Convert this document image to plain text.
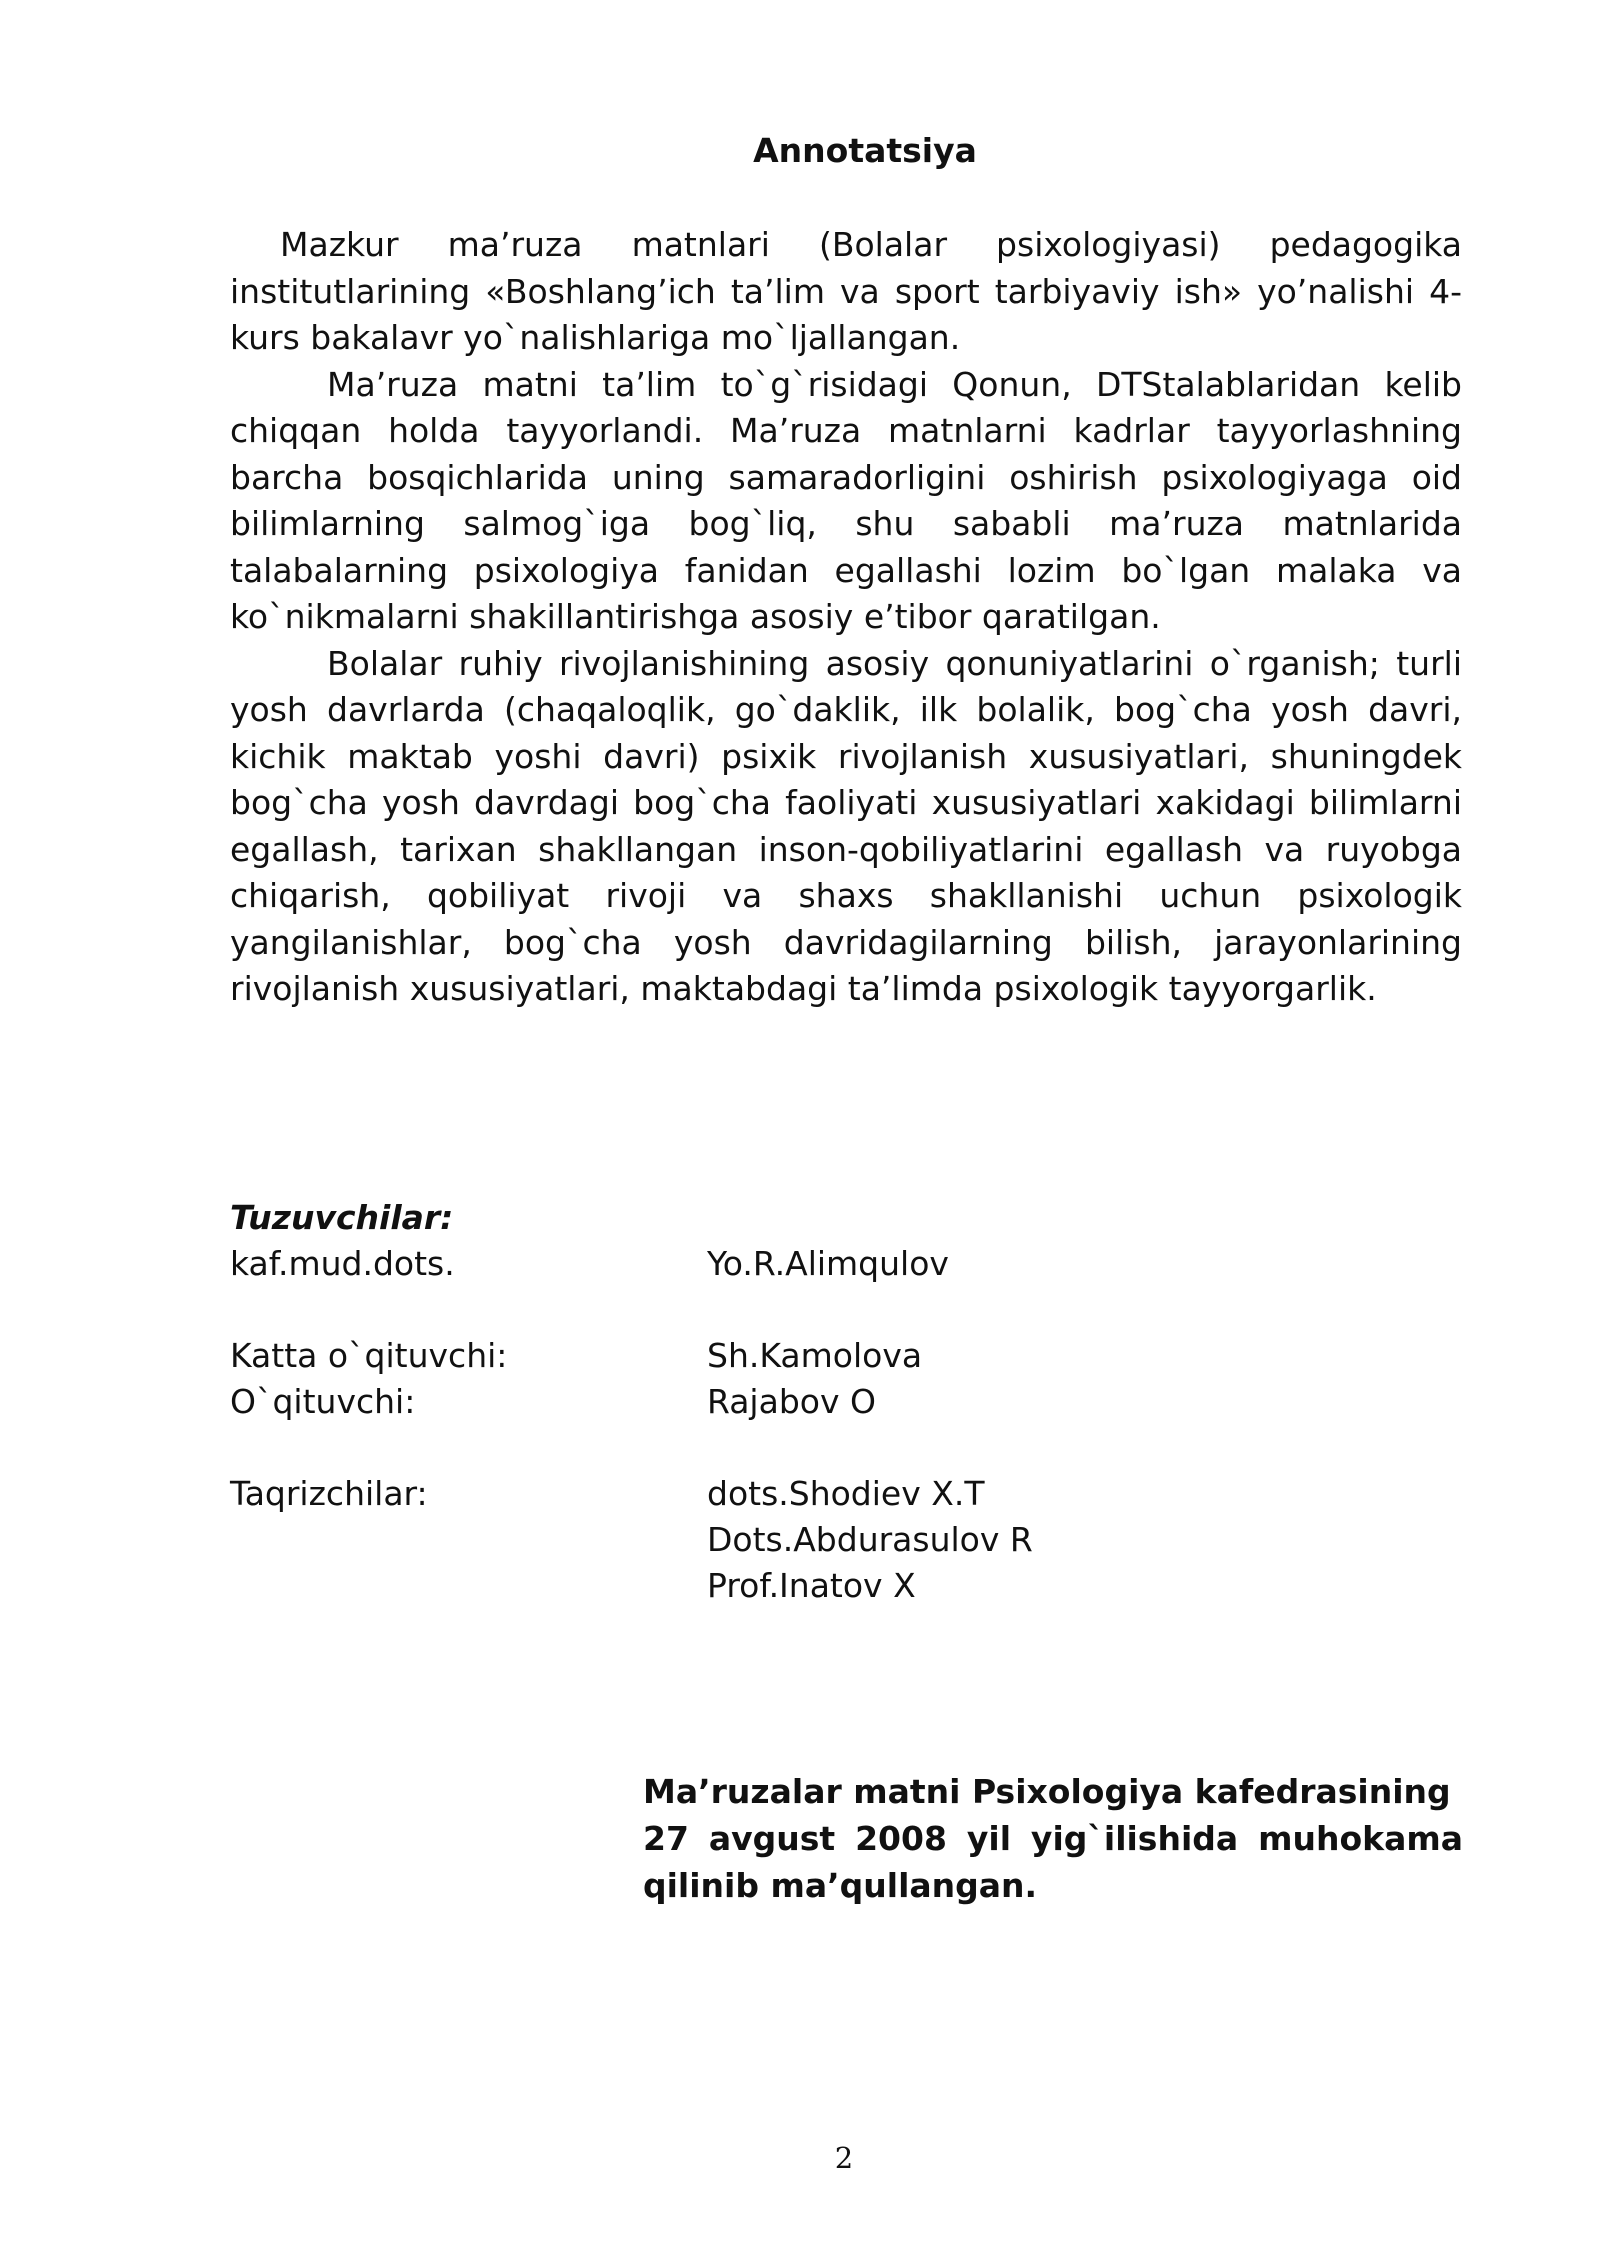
Annotatsiya

Mazkur ma’ruza matnlari (Bolalar psixologiyasi) pedagogika institutlarining «Boshlang’ich ta’lim va sport tarbiyaviy ish» yo’nalishi 4-kurs bakalavr yo`nalishlariga mo`ljallangan.

Ma’ruza matni ta’lim to`g`risidagi Qonun, DTStalablaridan kelib chiqqan holda tayyorlandi. Ma’ruza matnlarni kadrlar tayyorlashning barcha bosqichlarida uning samaradorligini oshirish psixologiyaga oid bilimlarning salmog`iga bog`liq, shu sababli ma’ruza matnlarida talabalarning psixologiya fanidan egallashi lozim bo`lgan malaka va ko`nikmalarni shakillantirishga asosiy e’tibor qaratilgan.

Bolalar ruhiy rivojlanishining asosiy qonuniyatlarini o`rganish; turli yosh davrlarda (chaqaloqlik, go`daklik, ilk bolalik, bog`cha yosh davri, kichik maktab yoshi davri) psixik rivojlanish xususiyatlari, shuningdek bog`cha yosh davrdagi bog`cha faoliyati xususiyatlari xakidagi bilimlarni egallash, tarixan shakllangan inson-qobiliyatlarini egallash va ruyobga chiqarish, qobiliyat rivoji va shaxs shakllanishi uchun psixologik yangilanishlar, bog`cha yosh davridagilarning bilish, jarayonlarining rivojlanish xususiyatlari, maktabdagi ta’limda psixologik tayyorgarlik.

Tuzuvchilar:
kaf.mud.dots.	Yo.R.Alimqulov
Katta o`qituvchi:	Sh.Kamolova
O`qituvchi:	Rajabov O
Taqrizchilar:	dots.Shodiev X.T
Dots.Abdurasulov R
Prof.Inatov X

Ma’ruzalar matni Psixologiya kafedrasining

27 avgust 2008 yil yig`ilishida muhokama

qilinib ma’qullangan.

2
